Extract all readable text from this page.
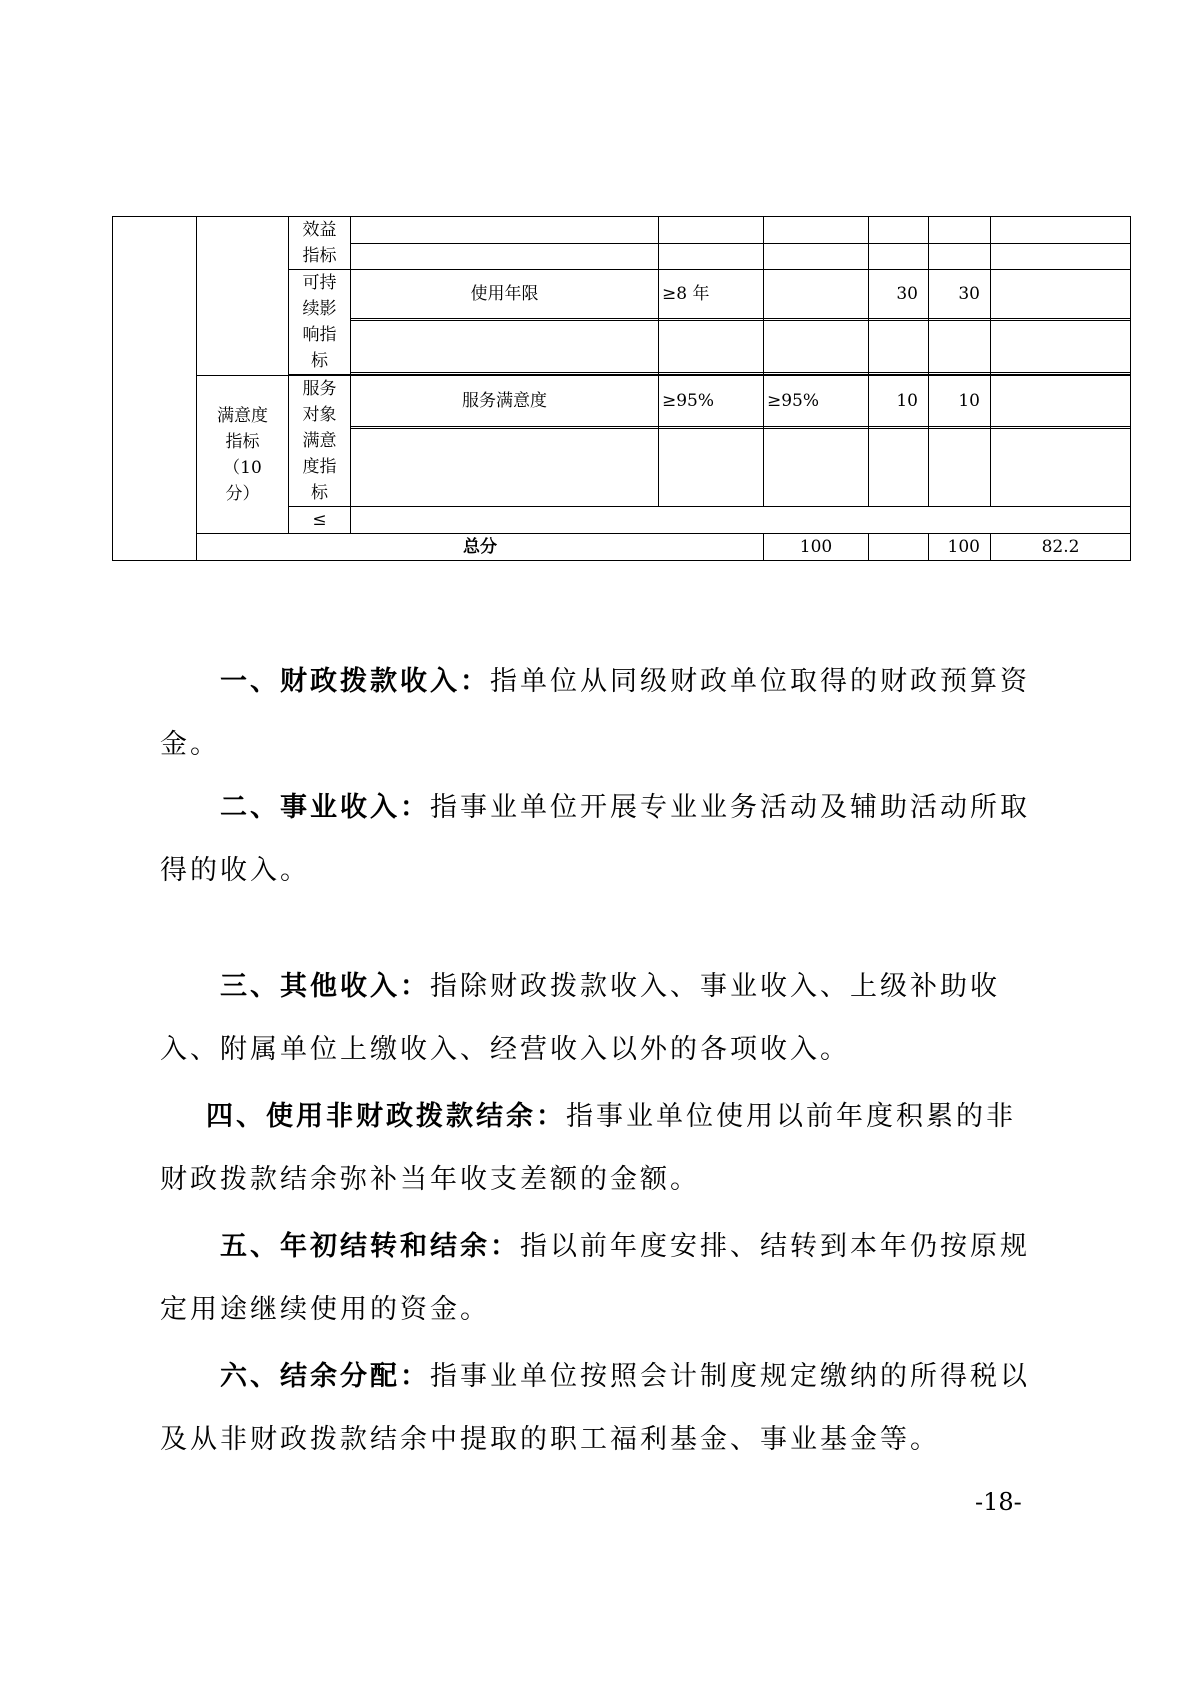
		效益指标							

		可持续影响指标	使用年限	≥8 年		30	30		

	满意度指标（10 分）	服务对象满意度指标	服务满意度	≥95%	≥95%	10	10		

		≤							
	总分				100		100	82.2	
一、财政拨款收入：指单位从同级财政单位取得的财政预算资金。
二、事业收入：指事业单位开展专业业务活动及辅助活动所取得的收入。
三、其他收入：指除财政拨款收入、事业收入、上级补助收入、附属单位上缴收入、经营收入以外的各项收入。
四、使用非财政拨款结余：指事业单位使用以前年度积累的非财政拨款结余弥补当年收支差额的金额。
五、年初结转和结余：指以前年度安排、结转到本年仍按原规定用途继续使用的资金。
六、结余分配：指事业单位按照会计制度规定缴纳的所得税以及从非财政拨款结余中提取的职工福利基金、事业基金等。
-18-
